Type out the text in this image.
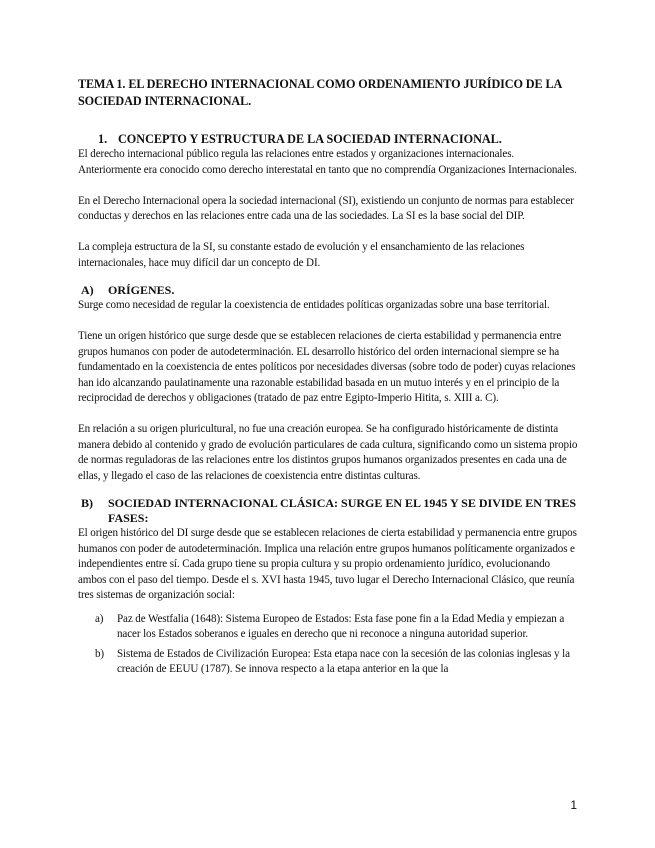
TEMA 1. EL DERECHO INTERNACIONAL COMO ORDENAMIENTO JURÍDICO DE LA SOCIEDAD INTERNACIONAL.

1. CONCEPTO Y ESTRUCTURA DE LA SOCIEDAD INTERNACIONAL.

El derecho internacional público regula las relaciones entre estados y organizaciones internacionales. Anteriormente era conocido como derecho interestatal en tanto que no comprendía Organizaciones Internacionales.

En el Derecho Internacional opera la sociedad internacional (SI), existiendo un conjunto de normas para establecer conductas y derechos en las relaciones entre cada una de las sociedades. La SI es la base social del DIP.

La compleja estructura de la SI, su constante estado de evolución y el ensanchamiento de las relaciones internacionales, hace muy difícil dar un concepto de DI.

A)	ORÍGENES.

Surge como necesidad de regular la coexistencia de entidades políticas organizadas sobre una base territorial.

Tiene un origen histórico que surge desde que se establecen relaciones de cierta estabilidad y permanencia entre grupos humanos con poder de autodeterminación. EL desarrollo histórico del orden internacional siempre se ha fundamentado en la coexistencia de entes políticos por necesidades diversas (sobre todo de poder) cuyas relaciones han ido alcanzando paulatinamente una razonable estabilidad basada en un mutuo interés y en el principio de la reciprocidad de derechos y obligaciones (tratado de paz entre Egipto-Imperio Hitita, s. XIII a. C).

En relación a su origen pluricultural, no fue una creación europea. Se ha configurado históricamente de distinta manera debido al contenido y grado de evolución particulares de cada cultura, significando como un sistema propio de normas reguladoras de las relaciones entre los distintos grupos humanos organizados presentes en cada una de ellas, y llegado el caso de las relaciones de coexistencia entre distintas culturas.

B)	SOCIEDAD INTERNACIONAL CLÁSICA: SURGE EN EL 1945 Y SE DIVIDE EN TRES FASES:

El origen histórico del DI surge desde que se establecen relaciones de cierta estabilidad y permanencia entre grupos humanos con poder de autodeterminación. Implica una relación entre grupos humanos políticamente organizados e independientes entre sí. Cada grupo tiene su propia cultura y su propio ordenamiento jurídico, evolucionando ambos con el paso del tiempo. Desde el s. XVI hasta 1945, tuvo lugar el Derecho Internacional Clásico, que reunía tres sistemas de organización social:

a)	Paz de Westfalia (1648): Sistema Europeo de Estados: Esta fase pone fin a la Edad Media y empiezan a nacer los Estados soberanos e iguales en derecho que ni reconoce a ninguna autoridad superior.
b)	Sistema de Estados de Civilización Europea: Esta etapa nace con la secesión de las colonias inglesas y la creación de EEUU (1787). Se innova respecto a la etapa anterior en la que la
1
